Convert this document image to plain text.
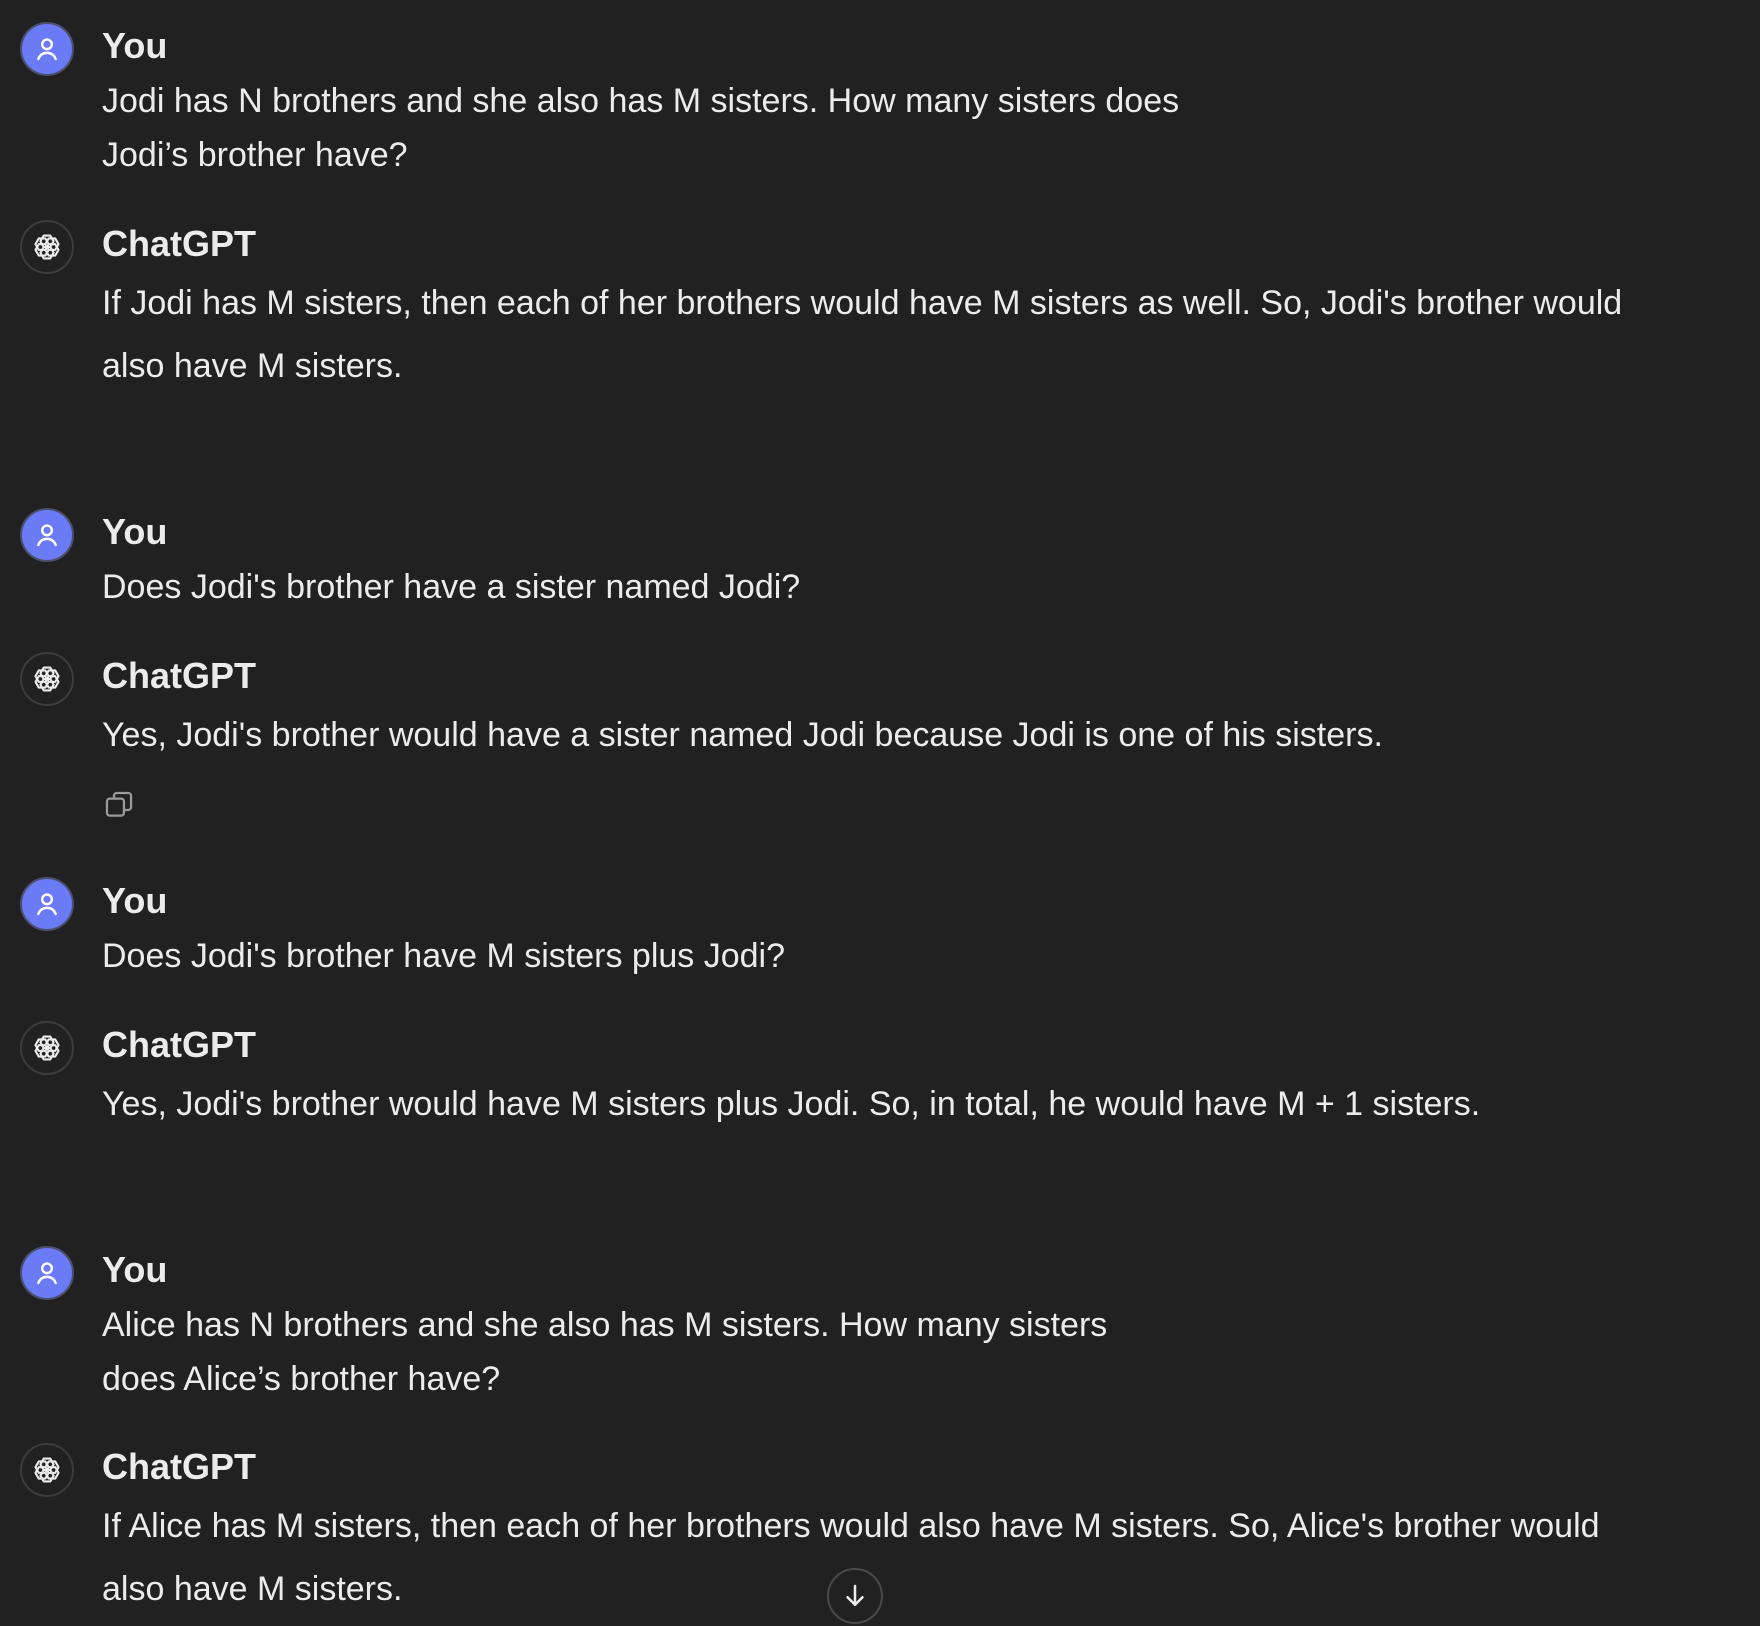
You
Jodi has N brothers and she also has M sisters. How many sisters does
Jodi’s brother have?
ChatGPT
If Jodi has M sisters, then each of her brothers would have M sisters as well. So, Jodi's brother would
also have M sisters.
You
Does Jodi's brother have a sister named Jodi?
ChatGPT
Yes, Jodi's brother would have a sister named Jodi because Jodi is one of his sisters.
You
Does Jodi's brother have M sisters plus Jodi?
ChatGPT
Yes, Jodi's brother would have M sisters plus Jodi. So, in total, he would have M + 1 sisters.
You
Alice has N brothers and she also has M sisters. How many sisters
does Alice’s brother have?
ChatGPT
If Alice has M sisters, then each of her brothers would also have M sisters. So, Alice's brother would
also have M sisters.
